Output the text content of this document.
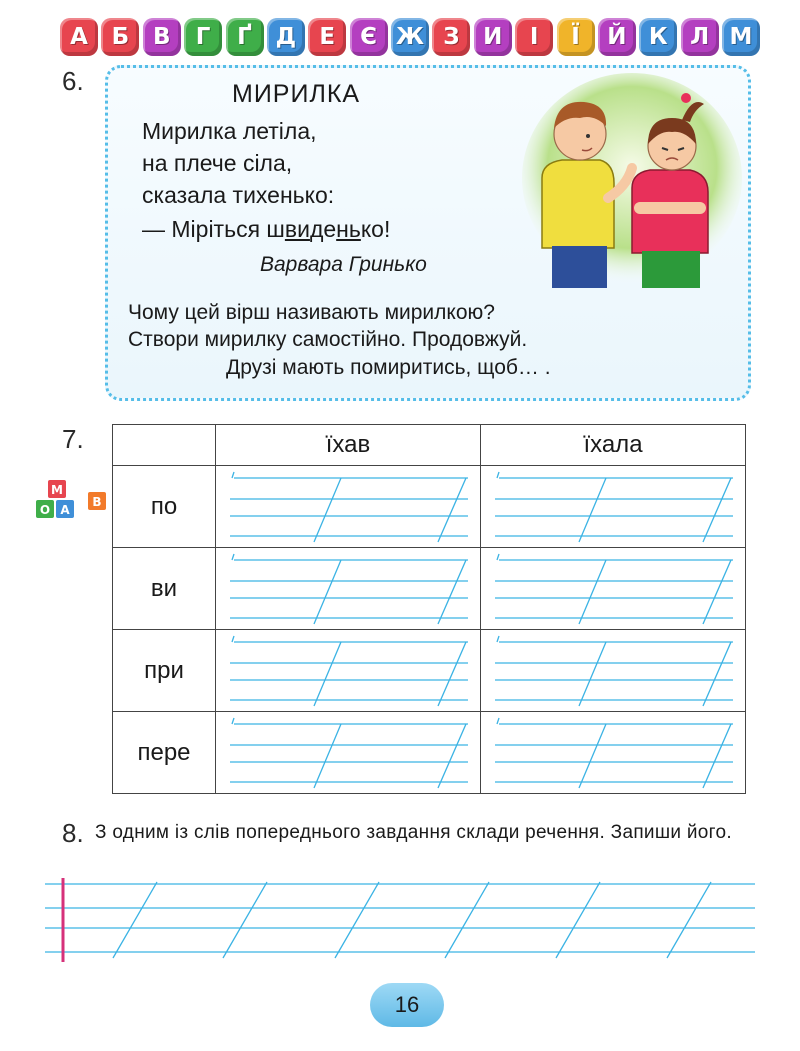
А Б В Г Ґ Д Е Є Ж З И І Ї Й К Л М
6.	МИРИЛКА
Мирилка летіла,
на плече сіла,
сказала тихенько:
— Міріться швиденько!
Варвара Гринько
Чому цей вірш називають мирилкою?
Створи мирилку самостійно. Продовжуй.
Друзі мають помиритись, щоб… .
7.
М
О А
В
	їхав	їхала
по	

ви	

при	

пере	

8. З одним із слів попереднього завдання склади речення. Запиши його.
16
